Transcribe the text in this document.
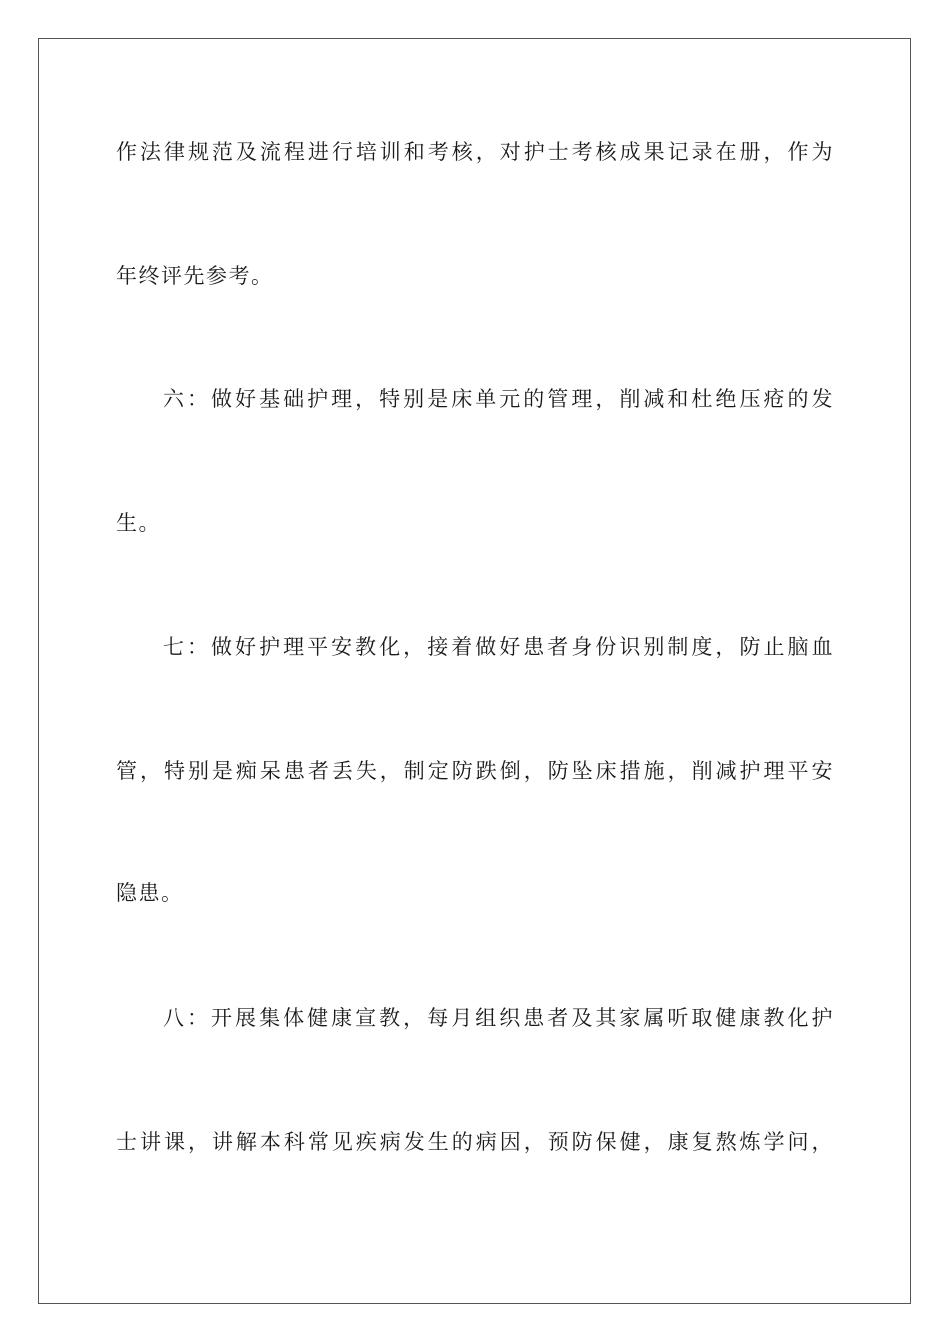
作法律规范及流程进行培训和考核，对护士考核成果记录在册，作为
年终评先参考。
六：做好基础护理，特别是床单元的管理，削减和杜绝压疮的发
生。
七：做好护理平安教化，接着做好患者身份识别制度，防止脑血
管，特别是痴呆患者丢失，制定防跌倒，防坠床措施，削减护理平安
隐患。
八：开展集体健康宣教，每月组织患者及其家属听取健康教化护
士讲课，讲解本科常见疾病发生的病因，预防保健，康复熬炼学问，
